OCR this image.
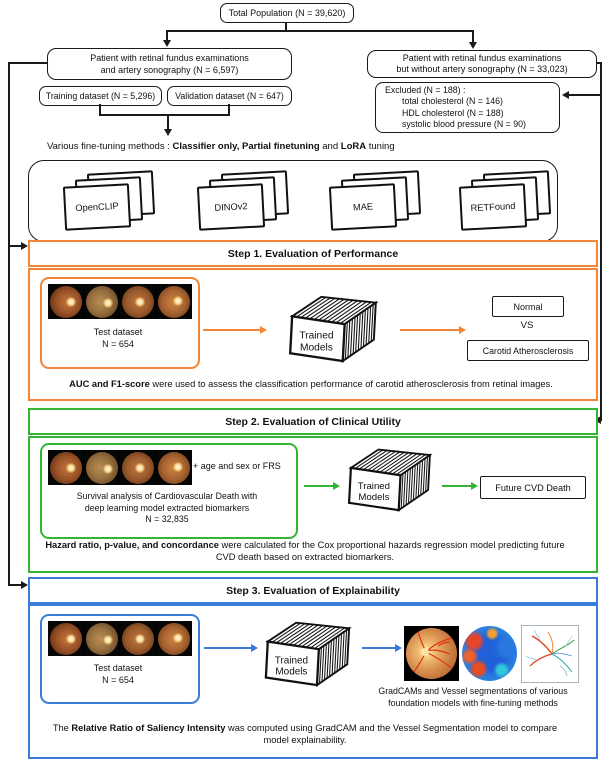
Total Population (N = 39,620)
Patient with retinal fundus examinations
and artery sonography (N = 6,597)
Patient with retinal fundus examinations
but without artery sonography (N = 33,023)
Training dataset (N = 5,296) Validation dataset (N = 647)
Excluded (N = 188) :
total cholesterol (N = 146)
HDL cholesterol (N = 188)
systolic blood pressure (N = 90)
Various fine-tuning methods : Classifier only, Partial finetuning and LoRA tuning
OpenCLIP	DINOv2	MAE	RETFound
Step 1. Evaluation of Performance
Test dataset
N = 654
Trained
Models
Normal
VS
Carotid Atherosclerosis
AUC and F1-score were used to assess the classification performance of carotid atherosclerosis from retinal images.
Step 2. Evaluation of Clinical Utility
+ age and sex or FRS
Survival analysis of Cardiovascular Death with
deep learning model extracted biomarkers
N = 32,835
Trained
Models
Future CVD Death
Hazard ratio, p-value, and concordance were calculated for the Cox proportional hazards regression model predicting future CVD death based on extracted biomarkers.
Step 3. Evaluation of Explainability
Test dataset
N = 654
Trained
Models
GradCAMs and Vessel segmentations of various
foundation models with fine-tuning methods
The Relative Ratio of Saliency Intensity was computed using GradCAM and the Vessel Segmentation model to compare model explainability.
